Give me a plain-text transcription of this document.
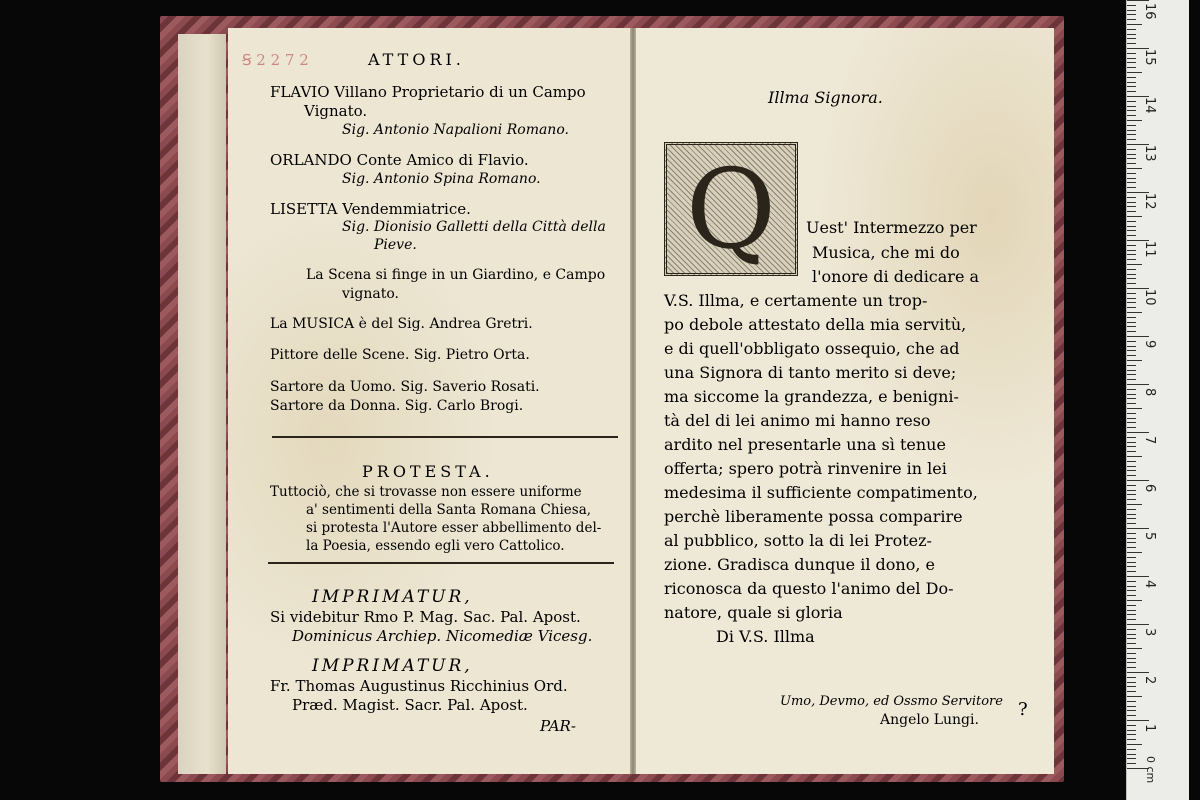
Ꞩ 2 2 7 2	ATTORI.
FLAVIO Villano Proprietario di un Campo
Vignato.
Sig. Antonio Napalioni Romano.
ORLANDO Conte Amico di Flavio.
Sig. Antonio Spina Romano.
LISETTA Vendemmiatrice.
Sig. Dionisio Galletti della Città della
Pieve.
La Scena si finge in un Giardino, e Campo
vignato.
La MUSICA è del Sig. Andrea Gretri.
Pittore delle Scene. Sig. Pietro Orta.
Sartore da Uomo. Sig. Saverio Rosati.
Sartore da Donna. Sig. Carlo Brogi.
PROTESTA.
Tuttociò, che si trovasse non essere uniforme
a' sentimenti della Santa Romana Chiesa,
si protesta l'Autore esser abbellimento del-
la Poesia, essendo egli vero Cattolico.
IMPRIMATUR,
Si videbitur Rmo P. Mag. Sac. Pal. Apost.
Dominicus Archiep. Nicomediæ Vicesg.
IMPRIMATUR,
Fr. Thomas Augustinus Ricchinius Ord.
Præd. Magist. Sacr. Pal. Apost.
PAR-
Illma Signora.
Q	Uest' Intermezzo per
Musica, che mi do
l'onore di dedicare a
V.S. Illma, e certamente un trop-
po debole attestato della mia servitù,
e di quell'obbligato ossequio, che ad
una Signora di tanto merito si deve;
ma siccome la grandezza, e benigni-
tà del di lei animo mi hanno reso
ardito nel presentarle una sì tenue
offerta; spero potrà rinvenire in lei
medesima il sufficiente compatimento,
perchè liberamente possa comparire
al pubblico, sotto la di lei Protez-
zione. Gradisca dunque il dono, e
riconosca da questo l'animo del Do-
natore, quale si gloria
Di V.S. Illma
Umo, Devmo, ed Ossmo Servitore
Angelo Lungi. ?
0 cm
1
2
3
4
5
6
7
8
9
10
11
12
13
14
15
16
